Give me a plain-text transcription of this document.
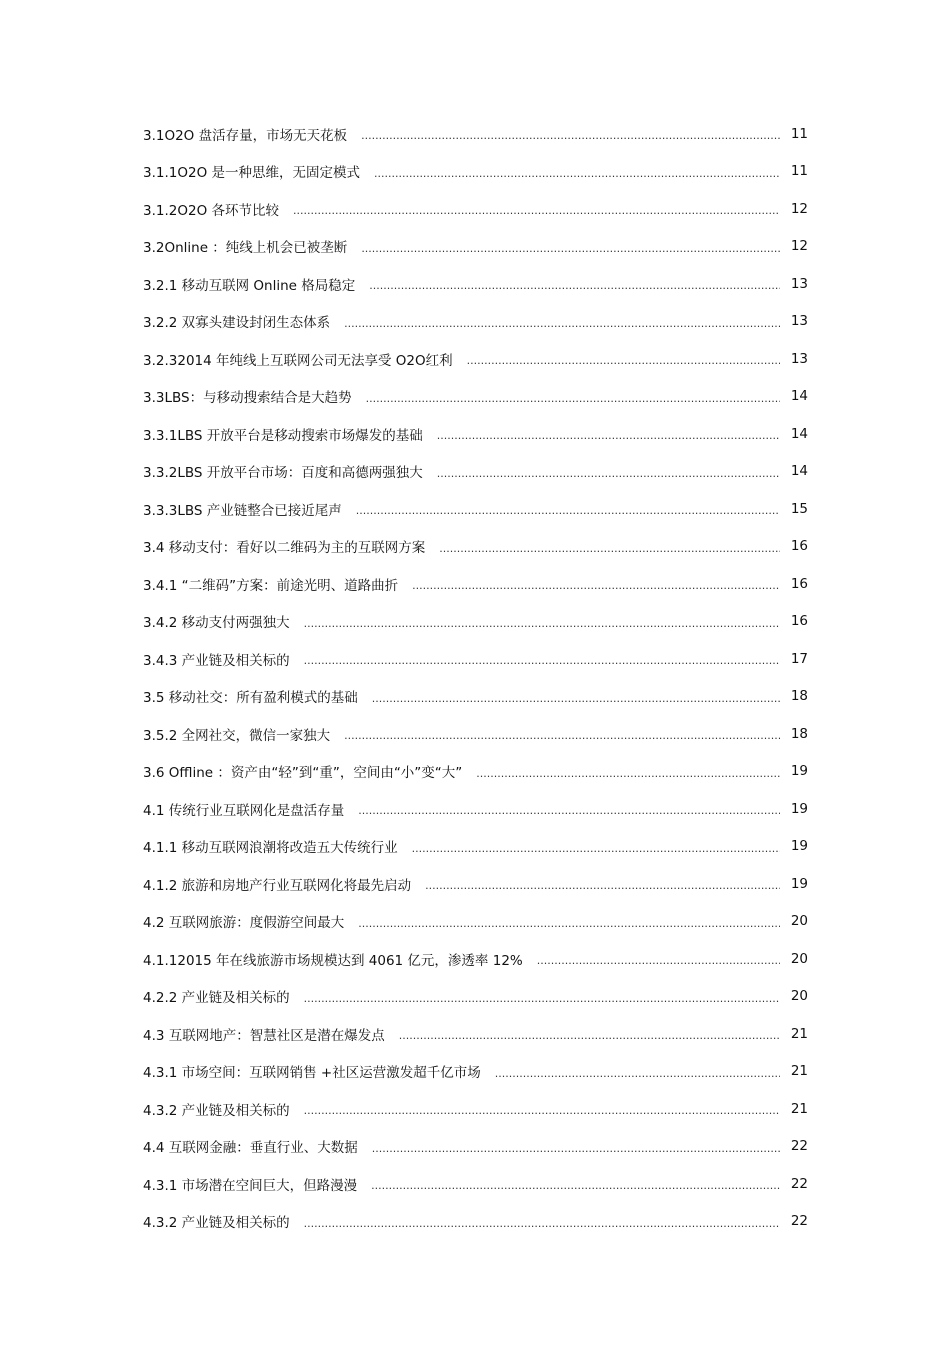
3.1O2O 盘活存量，市场无天花板 .....	11
3.1.1O2O 是一种思维，无固定模式 .....	11
3.1.2O2O 各环节比较 .....	12
3.2Online ：纯线上机会已被垄断 .....	12
3.2.1 移动互联网 Online 格局稳定 .....	13
3.2.2 双寡头建设封闭生态体系 .....	13
3.2.32014 年纯线上互联网公司无法享受 O2O红利 .....	13
3.3LBS：与移动搜索结合是大趋势 .....	14
3.3.1LBS 开放平台是移动搜索市场爆发的基础 .....	14
3.3.2LBS 开放平台市场：百度和高德两强独大 .....	14
3.3.3LBS 产业链整合已接近尾声 .....	15
3.4 移动支付：看好以二维码为主的互联网方案 .....	16
3.4.1 “二维码”方案：前途光明、道路曲折 .....	16
3.4.2 移动支付两强独大 .....	16
3.4.3 产业链及相关标的 .....	17
3.5 移动社交：所有盈利模式的基础 .....	18
3.5.2 全网社交，微信一家独大 .....	18
3.6 Offline ：资产由“轻”到“重”，空间由“小”变“大” .....	19
4.1 传统行业互联网化是盘活存量 .....	19
4.1.1 移动互联网浪潮将改造五大传统行业 .....	19
4.1.2 旅游和房地产行业互联网化将最先启动 .....	19
4.2 互联网旅游：度假游空间最大 .....	20
4.1.12015 年在线旅游市场规模达到 4061 亿元，渗透率 12% .....	20
4.2.2 产业链及相关标的 .....	20
4.3 互联网地产：智慧社区是潜在爆发点 .....	21
4.3.1 市场空间：互联网销售 +社区运营激发超千亿市场 .....	21
4.3.2 产业链及相关标的 .....	21
4.4 互联网金融：垂直行业、大数据 .....	22
4.3.1 市场潜在空间巨大，但路漫漫 .....	22
4.3.2 产业链及相关标的 .....	22
